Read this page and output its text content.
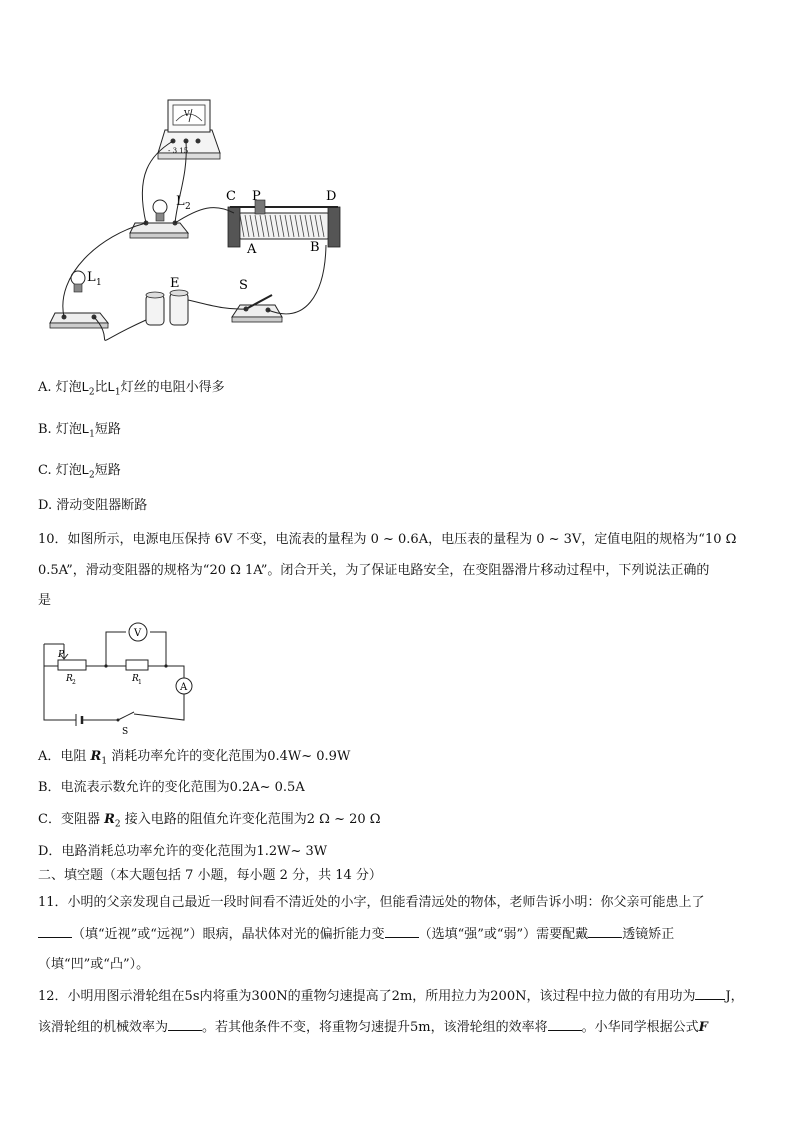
V
- 3 15
L 2
L 1
C P	D
A	B
E	S
A. 灯泡$L_2$比$L_1$灯丝的电阻小得多
B. 灯泡$L_1$短路
C. 灯泡$L_2$短路
D. 滑动变阻器断路
10．如图所示，电源电压保持 6V 不变，电流表的量程为 0 ~ 0.6A，电压表的量程为 0 ~ 3V，定值电阻的规格为“10 Ω
0.5A”，滑动变阻器的规格为“20 Ω 1A”。闭合开关，为了保证电路安全，在变阻器滑片移动过程中，下列说法正确的
是
V
A
P
R 2	R 1
S
A．电阻 $R_1$ 消耗功率允许的变化范围为0.4W~ 0.9W
B．电流表示数允许的变化范围为0.2A~ 0.5A
C．变阻器 $R_2$ 接入电路的阻值允许变化范围为2 Ω ~ 20 Ω
D．电路消耗总功率允许的变化范围为1.2W~ 3W
二、填空题（本大题包括 7 小题，每小题 2 分，共 14 分）
11．小明的父亲发现自己最近一段时间看不清近处的小字，但能看清远处的物体，老师告诉小明：你父亲可能患上了
（填“近视”或“远视”）眼病，晶状体对光的偏折能力变	（选填“强”或“弱”）需要配戴	透镜矫正
（填“凹”或“凸”）。
12．小明用图示滑轮组在5s内将重为300N的重物匀速提高了2m，所用拉力为200N，该过程中拉力做的有用功为 J，
该滑轮组的机械效率为	。若其他条件不变，将重物匀速提升5m，该滑轮组的效率将	。小华同学根据公式F
